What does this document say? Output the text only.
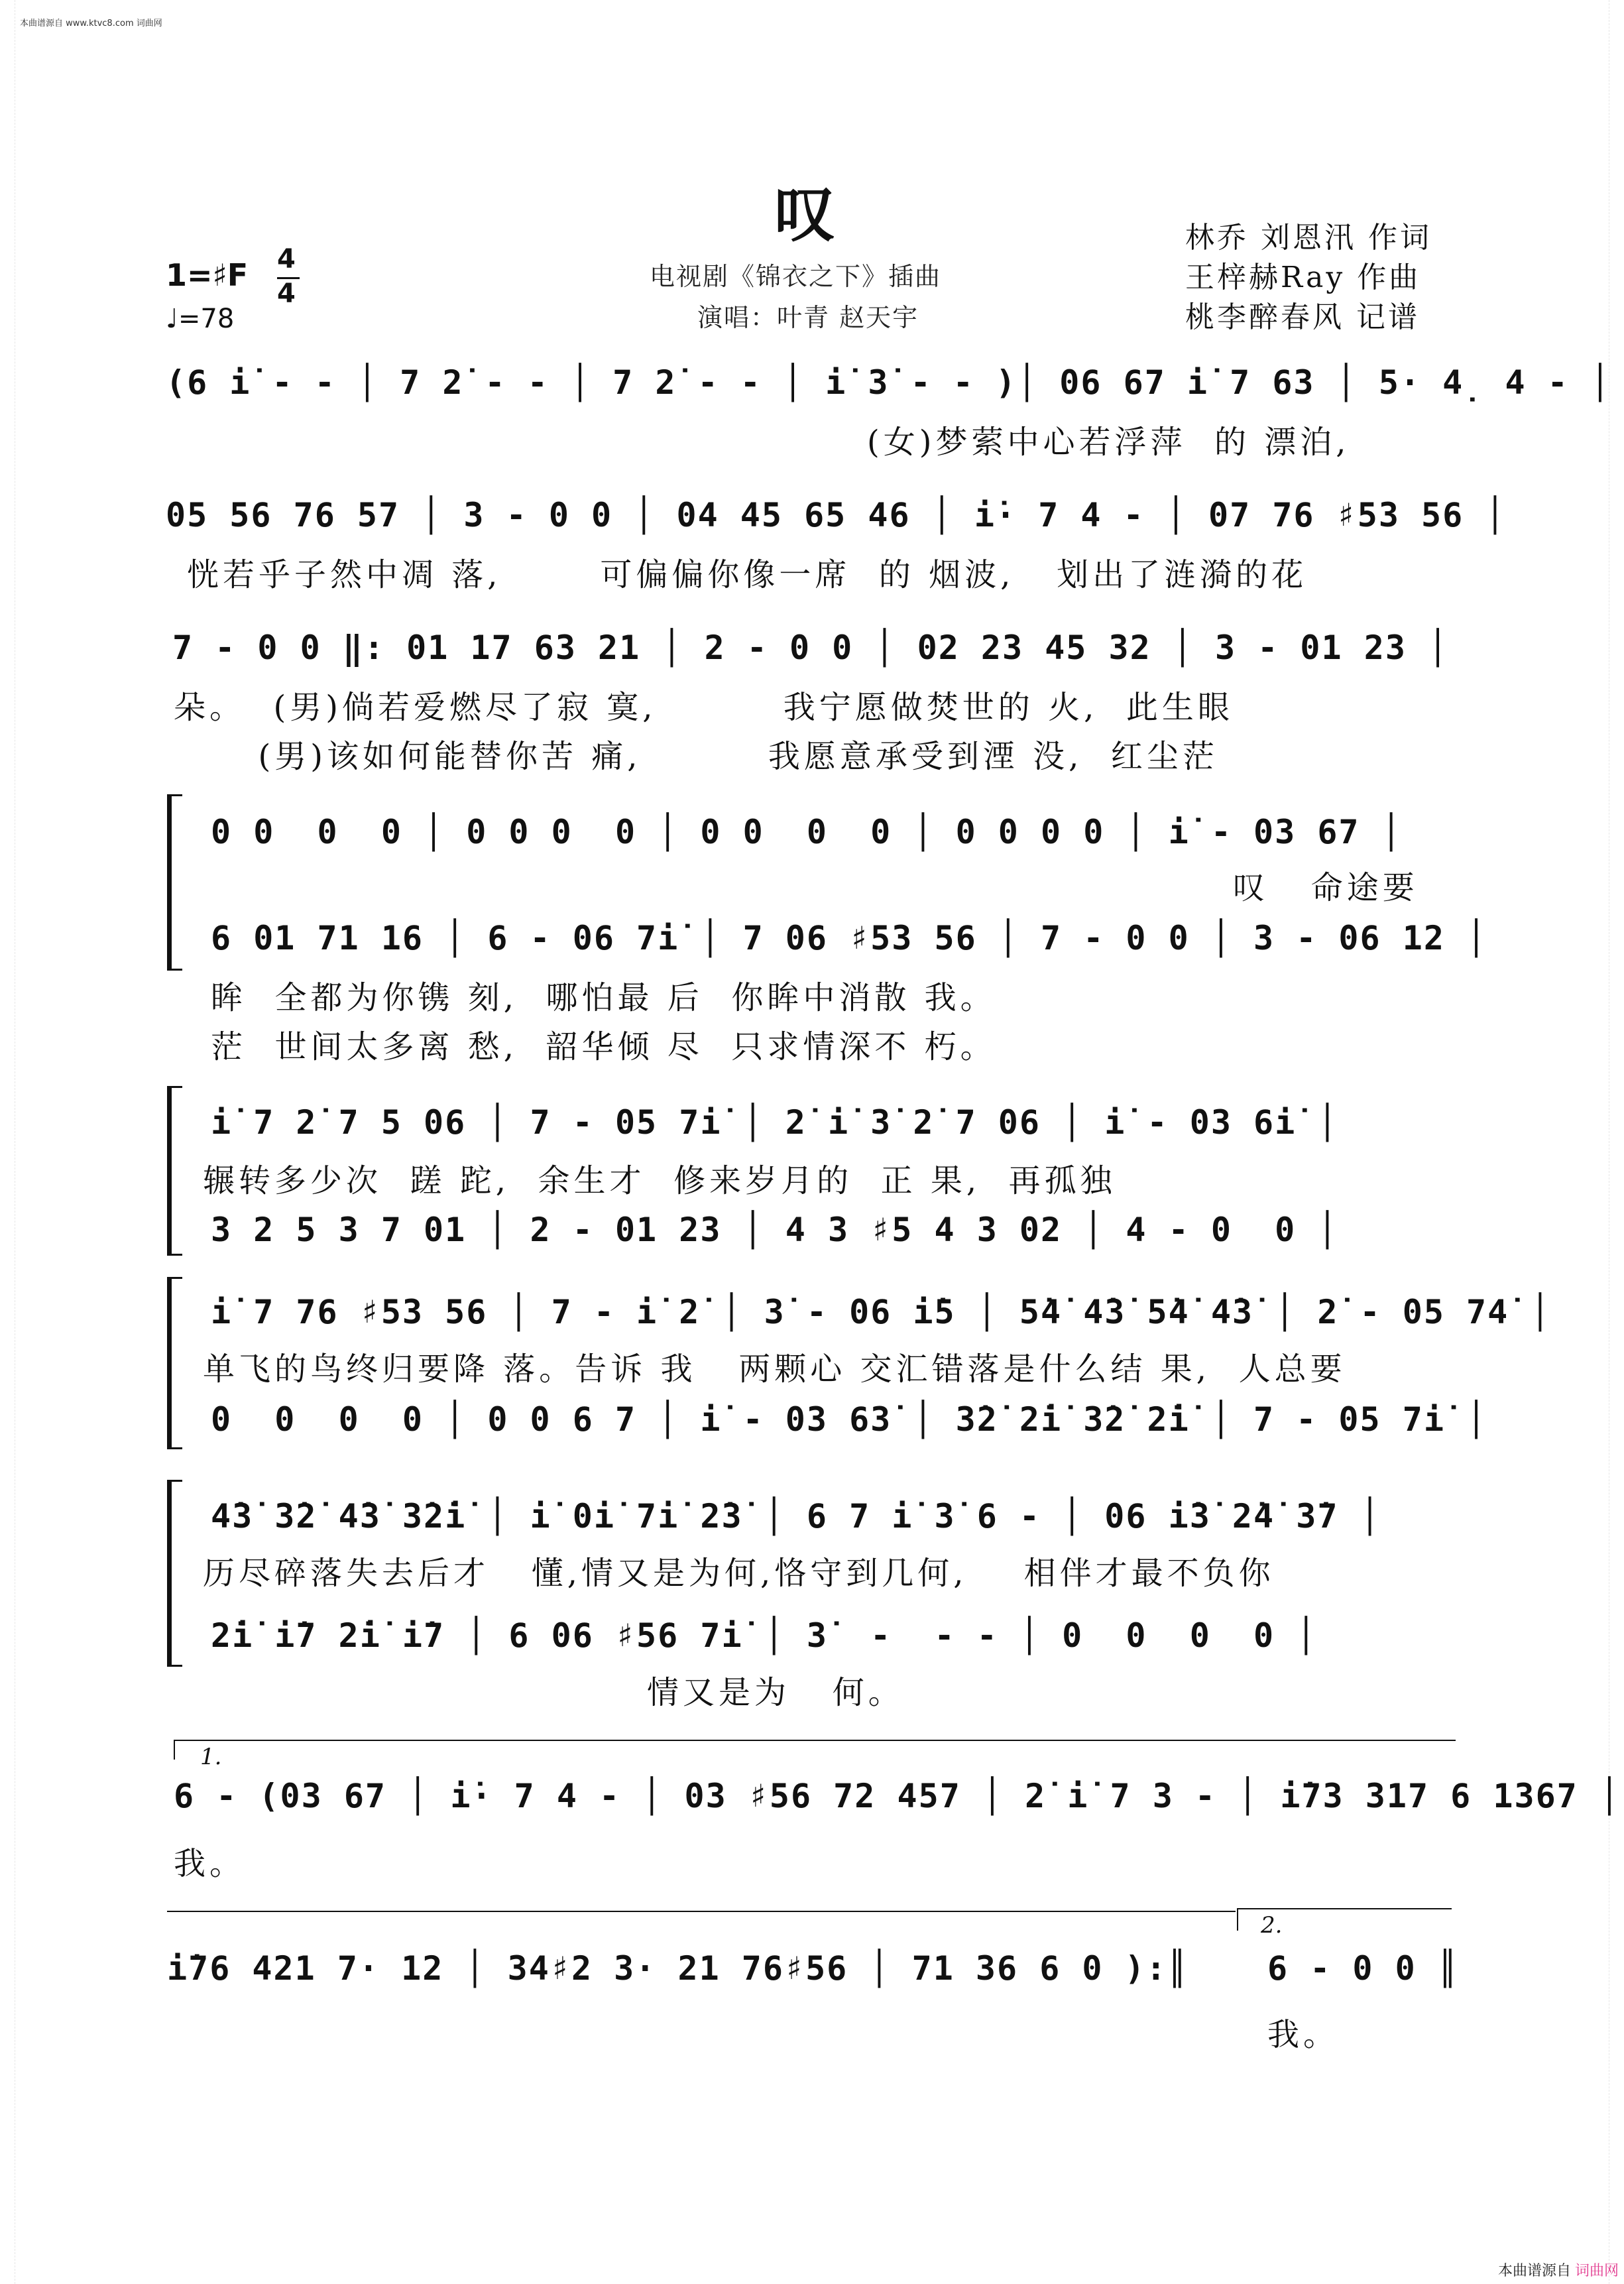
本曲谱源自 www.ktvc8.com 词曲网
叹
1=♯F 4
4
♩=78
电视剧《锦衣之下》插曲
演唱：叶青 赵天宇
林乔 刘恩汛 作词
王梓赫Ray 作曲
桃李醉春风 记谱
(6 i̇ - - │ 7 2̇ - - │ 7 2̇ - - │ i̇ 3̇ - - )│ 06 67 i̇ 7 63 │ 5· 4̣ 4 - │
(女)梦萦中心若浮萍  的 漂泊,
05 56 76 57 │ 3 - 0 0 │ 04 45 65 46 │ i̇· 7 4 - │ 07 76 ♯53 56 │
恍若乎子然中凋 落,       可偏偏你像一席  的 烟波,   划出了涟漪的花
7 - 0 0 ‖: 01 17 63 21 │ 2 - 0 0 │ 02 23 45 32 │ 3 - 01 23 │
朵。  (男)倘若爱燃尽了寂 寞,         我宁愿做焚世的 火,  此生眼
(男)该如何能替你苦 痛,         我愿意承受到湮 没,  红尘茫
0 0  0  0 │ 0 0 0  0 │ 0 0  0  0 │ 0 0 0 0 │ i̇ - 03 67 │
叹   命途要
6 01 71 16 │ 6 - 06 7i̇ │ 7 06 ♯53 56 │ 7 - 0 0 │ 3 - 06 12 │
眸  全都为你镌 刻,  哪怕最 后  你眸中消散 我。
茫  世间太多离 愁,  韶华倾 尽  只求情深不 朽。
i̇ 7 2̇ 7 5 06 │ 7 - 05 7i̇ │ 2̇ i̇ 3̇ 2̇ 7 06 │ i̇ - 03 6i̇ │
辗转多少次  蹉 跎,  余生才  修来岁月的  正 果,  再孤独
3 2 5 3 7 01 │ 2 - 01 23 │ 4 3 ♯5 4 3 02 │ 4 - 0  0 │
i̇ 7 76 ♯53 56 │ 7 - i̇ 2̇ │ 3̇ - 06 i̇5 │ 5̇4̇ 4̇3̇ 5̇4̇ 4̇3̇ │ 2̇ - 05 74̇ │
单飞的鸟终归要降 落。告诉 我   两颗心 交汇错落是什么结 果,  人总要
0  0  0  0 │ 0 0 6 7 │ i̇ - 03 63̇ │ 3̇2̇ 2̇i̇ 3̇2̇ 2̇i̇ │ 7 - 05 7i̇ │
4̇3̇ 3̇2̇ 4̇3̇ 3̇2̇i̇ │ i̇ 0i̇ 7i̇ 2̇3̇ │ 6 7 i̇ 3̇ 6 - │ 06 i̇3̇ 2̇4̇ 3̇7 │
历尽碎落失去后才   懂,情又是为何,恪守到几何,    相伴才最不负你
2̇i̇ i̇7 2̇i̇ i̇7 │ 6 06 ♯56 7i̇ │ 3̇  -  - - │ 0  0  0  0 │
情又是为   何。
1.
6 - (03 67 │ i̇· 7 4 - │ 03 ♯56 72 457 │ 2̇ i̇ 7 3 - │ i̇73 317 6 1367 │
我。
2.
i̇76 421 7· 12 │ 34♯2 3· 21 76♯56 │ 71 36 6 0 ):║ 6 - 0 0 ║
我。
本曲谱源自 词曲网
